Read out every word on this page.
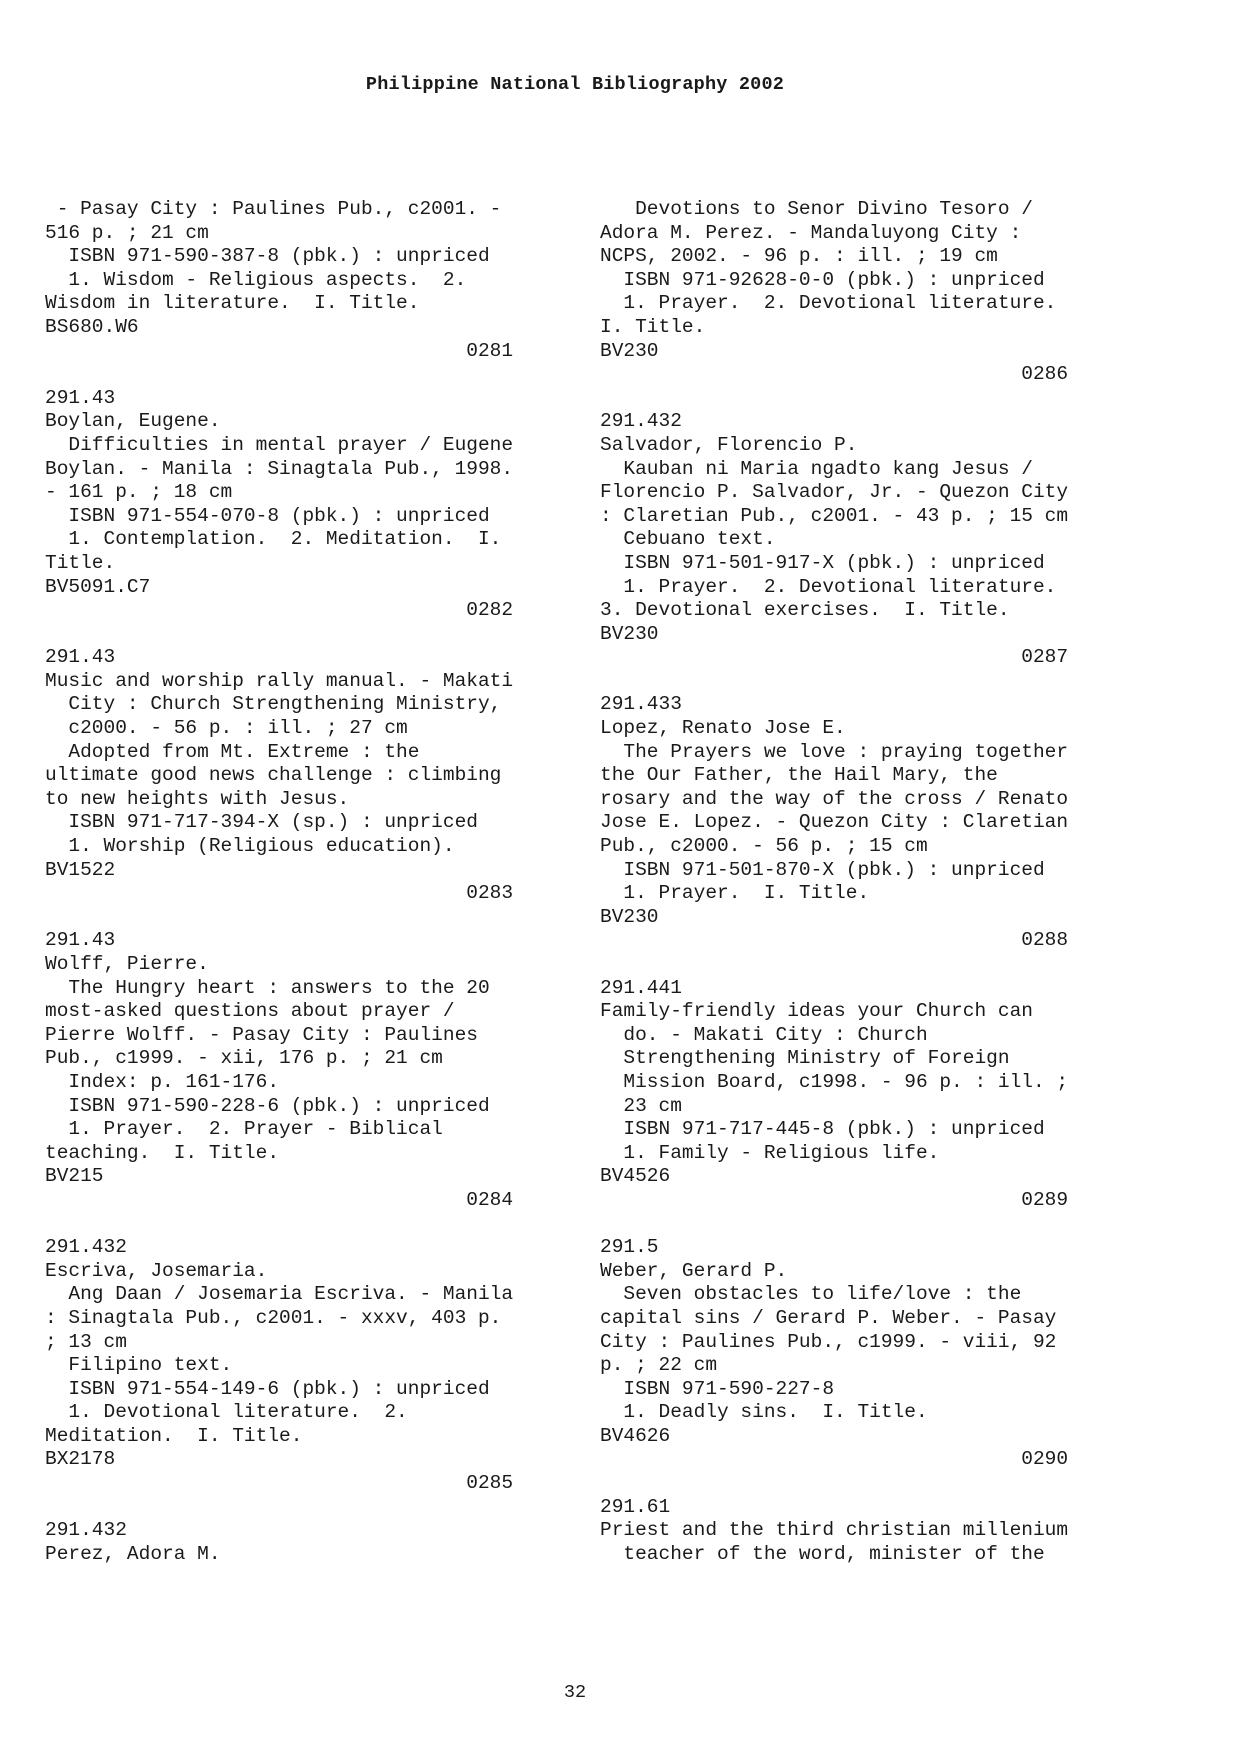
Philippine National Bibliography 2002
- Pasay City : Paulines Pub., c2001. -
516 p. ; 21 cm
ISBN 971-590-387-8 (pbk.) : unpriced
1. Wisdom - Religious aspects.  2.
Wisdom in literature.  I. Title.
BS680.W6
0281
291.43
Boylan, Eugene.
Difficulties in mental prayer / Eugene
Boylan. - Manila : Sinagtala Pub., 1998.
- 161 p. ; 18 cm
ISBN 971-554-070-8 (pbk.) : unpriced
1. Contemplation.  2. Meditation.  I.
Title.
BV5091.C7
0282
291.43
Music and worship rally manual. - Makati
City : Church Strengthening Ministry,
c2000. - 56 p. : ill. ; 27 cm
Adopted from Mt. Extreme : the
ultimate good news challenge : climbing
to new heights with Jesus.
ISBN 971-717-394-X (sp.) : unpriced
1. Worship (Religious education).
BV1522
0283
291.43
Wolff, Pierre.
The Hungry heart : answers to the 20
most-asked questions about prayer /
Pierre Wolff. - Pasay City : Paulines
Pub., c1999. - xii, 176 p. ; 21 cm
Index: p. 161-176.
ISBN 971-590-228-6 (pbk.) : unpriced
1. Prayer.  2. Prayer - Biblical
teaching.  I. Title.
BV215
0284
291.432
Escriva, Josemaria.
Ang Daan / Josemaria Escriva. - Manila
: Sinagtala Pub., c2001. - xxxv, 403 p.
; 13 cm
Filipino text.
ISBN 971-554-149-6 (pbk.) : unpriced
1. Devotional literature.  2.
Meditation.  I. Title.
BX2178
0285
291.432
Perez, Adora M.
Devotions to Senor Divino Tesoro /
Adora M. Perez. - Mandaluyong City :
NCPS, 2002. - 96 p. : ill. ; 19 cm
ISBN 971-92628-0-0 (pbk.) : unpriced
1. Prayer.  2. Devotional literature.
I. Title.
BV230
0286
291.432
Salvador, Florencio P.
Kauban ni Maria ngadto kang Jesus /
Florencio P. Salvador, Jr. - Quezon City
: Claretian Pub., c2001. - 43 p. ; 15 cm
Cebuano text.
ISBN 971-501-917-X (pbk.) : unpriced
1. Prayer.  2. Devotional literature.
3. Devotional exercises.  I. Title.
BV230
0287
291.433
Lopez, Renato Jose E.
The Prayers we love : praying together
the Our Father, the Hail Mary, the
rosary and the way of the cross / Renato
Jose E. Lopez. - Quezon City : Claretian
Pub., c2000. - 56 p. ; 15 cm
ISBN 971-501-870-X (pbk.) : unpriced
1. Prayer.  I. Title.
BV230
0288
291.441
Family-friendly ideas your Church can
do. - Makati City : Church
Strengthening Ministry of Foreign
Mission Board, c1998. - 96 p. : ill. ;
23 cm
ISBN 971-717-445-8 (pbk.) : unpriced
1. Family - Religious life.
BV4526
0289
291.5
Weber, Gerard P.
Seven obstacles to life/love : the
capital sins / Gerard P. Weber. - Pasay
City : Paulines Pub., c1999. - viii, 92
p. ; 22 cm
ISBN 971-590-227-8
1. Deadly sins.  I. Title.
BV4626
0290
291.61
Priest and the third christian millenium
teacher of the word, minister of the
32
